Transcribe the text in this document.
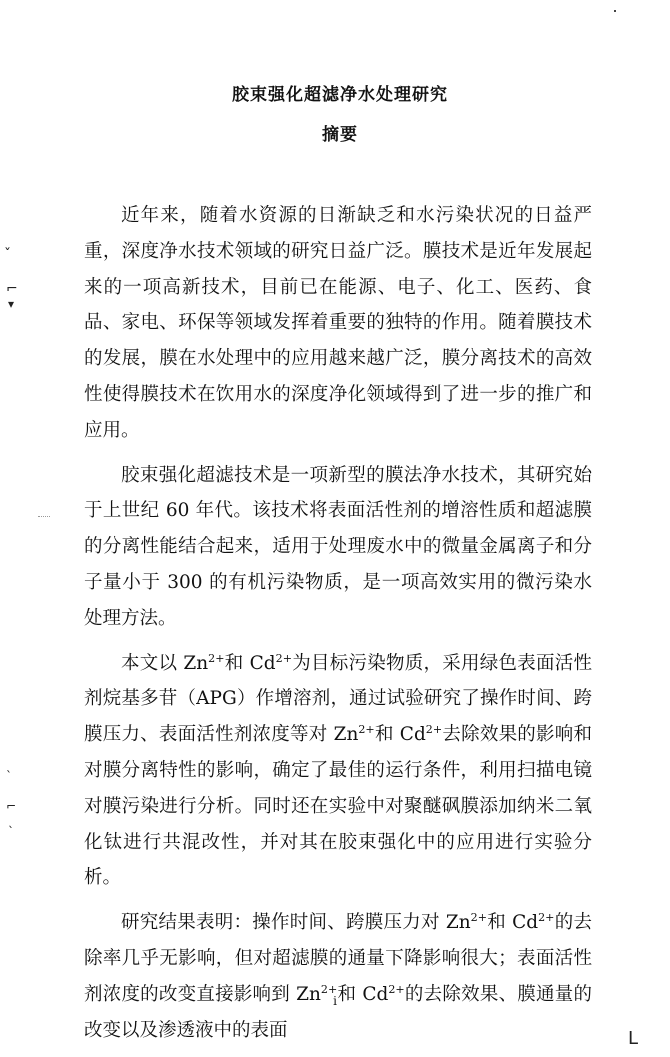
胶束强化超滤净水处理研究
摘要

近年来，随着水资源的日渐缺乏和水污染状况的日益严重，深度净水技术领域的研究日益广泛。膜技术是近年发展起来的一项高新技术，目前已在能源、电子、化工、医药、食品、家电、环保等领域发挥着重要的独特的作用。随着膜技术的发展，膜在水处理中的应用越来越广泛，膜分离技术的高效性使得膜技术在饮用水的深度净化领域得到了进一步的推广和应用。

胶束强化超滤技术是一项新型的膜法净水技术，其研究始于上世纪 60 年代。该技术将表面活性剂的增溶性质和超滤膜的分离性能结合起来，适用于处理废水中的微量金属离子和分子量小于 300 的有机污染物质，是一项高效实用的微污染水处理方法。

本文以 $Zn^{2+}$和 $Cd^{2+}$为目标污染物质，采用绿色表面活性剂烷基多苷（APG）作增溶剂，通过试验研究了操作时间、跨膜压力、表面活性剂浓度等对 $Zn^{2+}$和 $Cd^{2+}$去除效果的影响和对膜分离特性的影响，确定了最佳的运行条件，利用扫描电镜对膜污染进行分析。同时还在实验中对聚醚砜膜添加纳米二氧化钛进行共混改性，并对其在胶束强化中的应用进行实验分析。

研究结果表明：操作时间、跨膜压力对 $Zn^{2+}$和 $Cd^{2+}$的去除率几乎无影响，但对超滤膜的通量下降影响很大；表面活性剂浓度的改变直接影响到 $Zn^{2+}$和 $Cd^{2+}$的去除效果、膜通量的改变以及渗透液中的表面

i
ˇ
⌐
▾
ˋ
⌐
ˎ
ᒪ
